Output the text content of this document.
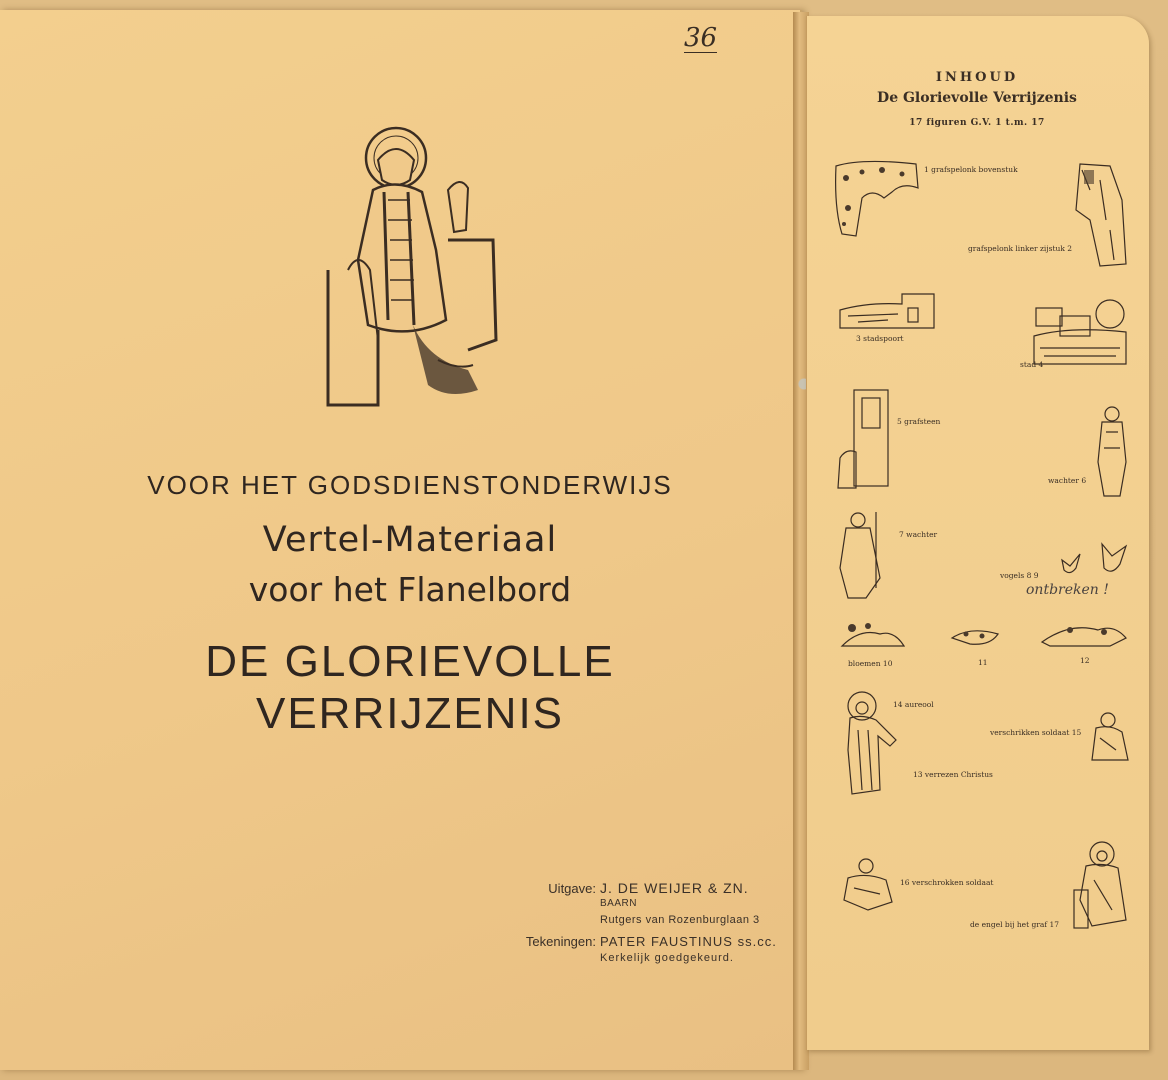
36
VOOR HET GODSDIENSTONDERWIJS
Vertel-Materiaal
voor het Flanelbord
DE GLORIEVOLLE
VERRIJZENIS
Uitgave: J. DE WEIJER & ZN.
BAARN
Rutgers van Rozenburglaan 3
Tekeningen: PATER FAUSTINUS ss.cc.
Kerkelijk goedgekeurd.
INHOUD
De Glorievolle Verrijzenis
17 figuren G.V. 1 t.m. 17
1 grafspelonk bovenstuk
grafspelonk linker zijstuk 2
3 stadspoort
stad 4
5 grafsteen
wachter 6
7 wachter
vogels 8 9
ontbreken !
bloemen 10	11	12
14 aureool
13 verrezen Christus
verschrikken soldaat 15
16 verschrokken soldaat
de engel bij het graf 17
